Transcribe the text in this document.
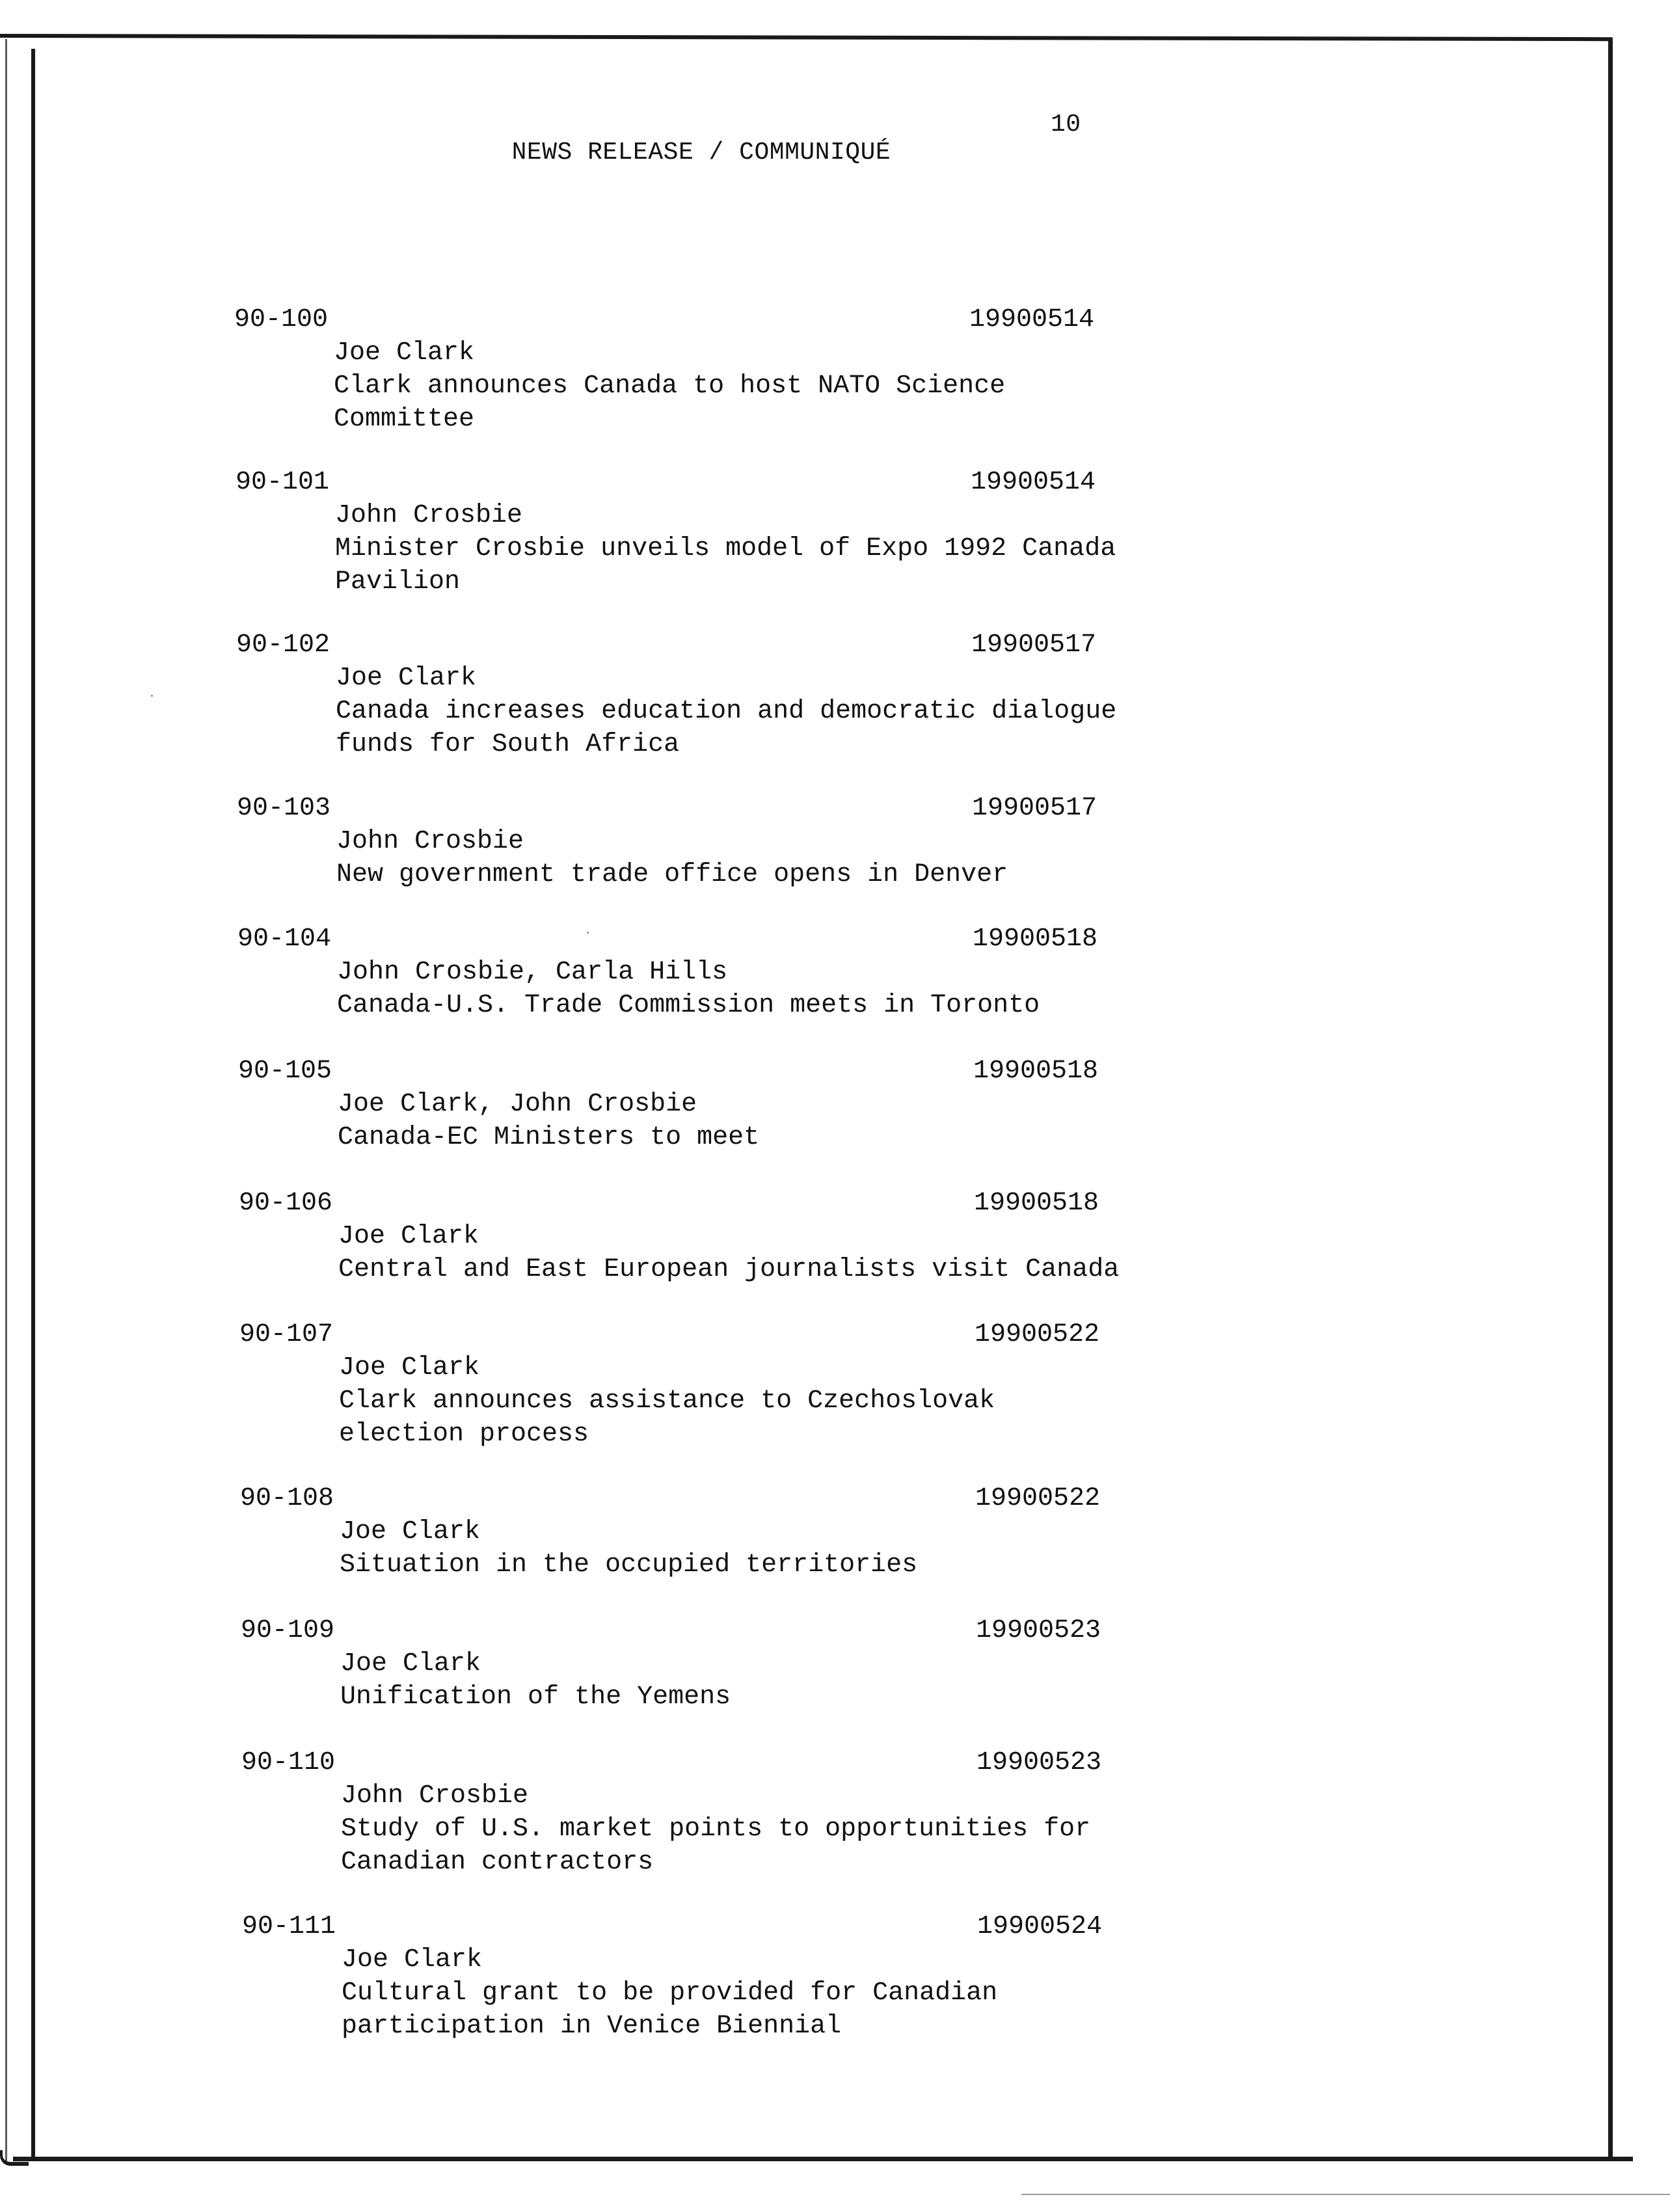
NEWS RELEASE / COMMUNIQUÉ

10

90-100	19900514
Joe Clark
Clark announces Canada to host NATO Science
Committee
90-101	19900514
John Crosbie
Minister Crosbie unveils model of Expo 1992 Canada
Pavilion
90-102	19900517
Joe Clark
Canada increases education and democratic dialogue
funds for South Africa
90-103	19900517
John Crosbie
New government trade office opens in Denver
90-104	19900518
John Crosbie, Carla Hills
Canada-U.S. Trade Commission meets in Toronto
90-105	19900518
Joe Clark, John Crosbie
Canada-EC Ministers to meet
90-106	19900518
Joe Clark
Central and East European journalists visit Canada
90-107	19900522
Joe Clark
Clark announces assistance to Czechoslovak
election process
90-108	19900522
Joe Clark
Situation in the occupied territories
90-109	19900523
Joe Clark
Unification of the Yemens
90-110	19900523
John Crosbie
Study of U.S. market points to opportunities for
Canadian contractors
90-111	19900524
Joe Clark
Cultural grant to be provided for Canadian
participation in Venice Biennial
